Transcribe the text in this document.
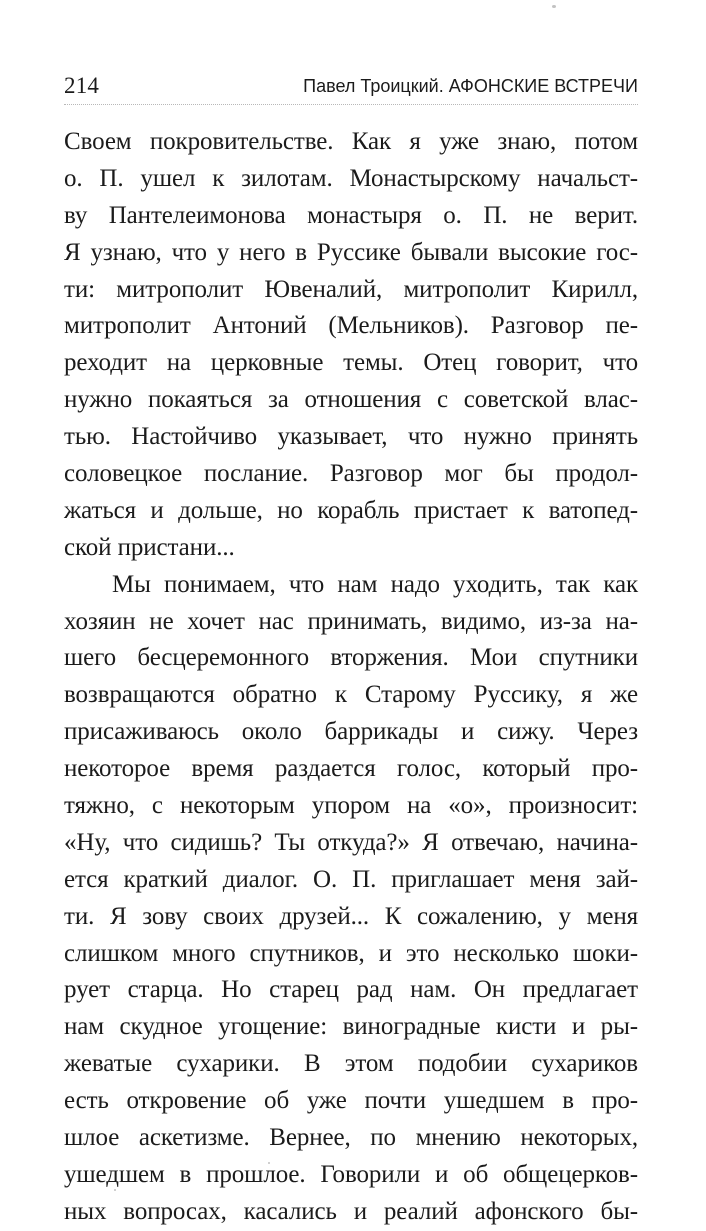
214	Павел Троицкий. АФОНСКИЕ ВСТРЕЧИ
Своем покровительстве. Как я уже знаю, потом
о. П. ушел к зилотам. Монастырскому начальст-
ву Пантелеимонова монастыря о. П. не верит.
Я узнаю, что у него в Руссике бывали высокие гос-
ти: митрополит Ювеналий, митрополит Кирилл,
митрополит Антоний (Мельников). Разговор пе-
реходит на церковные темы. Отец говорит, что
нужно покаяться за отношения с советской влас-
тью. Настойчиво указывает, что нужно принять
соловецкое послание. Разговор мог бы продол-
жаться и дольше, но корабль пристает к ватопед-
ской пристани...
Мы понимаем, что нам надо уходить, так как
хозяин не хочет нас принимать, видимо, из-за на-
шего бесцеремонного вторжения. Мои спутники
возвращаются обратно к Старому Руссику, я же
присаживаюсь около баррикады и сижу. Через
некоторое время раздается голос, который про-
тяжно, с некоторым упором на «о», произносит:
«Ну, что сидишь? Ты откуда?» Я отвечаю, начина-
ется краткий диалог. О. П. приглашает меня зай-
ти. Я зову своих друзей... К сожалению, у меня
слишком много спутников, и это несколько шоки-
рует старца. Но старец рад нам. Он предлагает
нам скудное угощение: виноградные кисти и ры-
жеватые сухарики. В этом подобии сухариков
есть откровение об уже почти ушедшем в про-
шлое аскетизме. Вернее, по мнению некоторых,
ушедшем в прошлое. Говорили и об общецерков-
ных вопросах, касались и реалий афонского бы-
